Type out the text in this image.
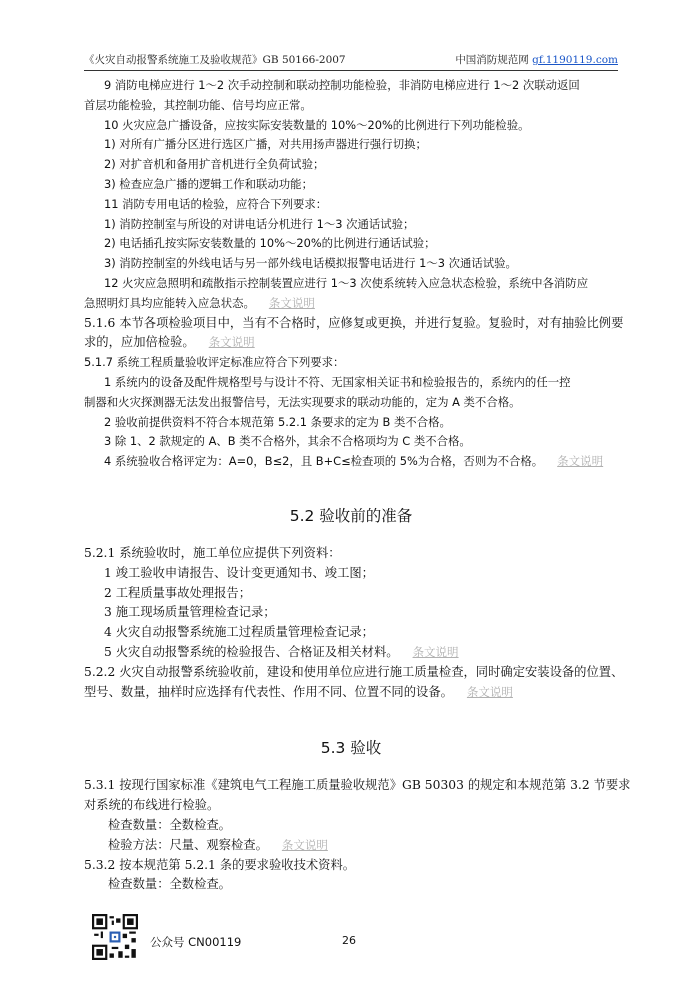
《火灾自动报警系统施工及验收规范》GB 50166-2007	中国消防规范网 gf.1190119.com
9 消防电梯应进行 1～2 次手动控制和联动控制功能检验，非消防电梯应进行 1～2 次联动返回
首层功能检验，其控制功能、信号均应正常。
10 火灾应急广播设备，应按实际安装数量的 10%～20%的比例进行下列功能检验。
1) 对所有广播分区进行选区广播，对共用扬声器进行强行切换；
2) 对扩音机和备用扩音机进行全负荷试验；
3) 检查应急广播的逻辑工作和联动功能；
11 消防专用电话的检验，应符合下列要求：
1) 消防控制室与所设的对讲电话分机进行 1～3 次通话试验；
2) 电话插孔按实际安装数量的 10%～20%的比例进行通话试验；
3) 消防控制室的外线电话与另一部外线电话模拟报警电话进行 1～3 次通话试验。
12 火灾应急照明和疏散指示控制装置应进行 1～3 次使系统转入应急状态检验，系统中各消防应
急照明灯具均应能转入应急状态。 条文说明
5.1.6 本节各项检验项目中，当有不合格时，应修复或更换，并进行复验。复验时，对有抽验比例要
求的，应加倍检验。 条文说明
5.1.7 系统工程质量验收评定标准应符合下列要求：
1 系统内的设备及配件规格型号与设计不符、无国家相关证书和检验报告的，系统内的任一控
制器和火灾探测器无法发出报警信号，无法实现要求的联动功能的，定为 A 类不合格。
2 验收前提供资料不符合本规范第 5.2.1 条要求的定为 B 类不合格。
3 除 1、2 款规定的 A、B 类不合格外，其余不合格项均为 C 类不合格。
4 系统验收合格评定为：A=0，B≤2，且 B+C≤检查项的 5%为合格，否则为不合格。 条文说明
5.2 验收前的准备
5.2.1 系统验收时，施工单位应提供下列资料：
1 竣工验收申请报告、设计变更通知书、竣工图；
2 工程质量事故处理报告；
3 施工现场质量管理检查记录；
4 火灾自动报警系统施工过程质量管理检查记录；
5 火灾自动报警系统的检验报告、合格证及相关材料。 条文说明
5.2.2 火灾自动报警系统验收前，建设和使用单位应进行施工质量检查，同时确定安装设备的位置、
型号、数量，抽样时应选择有代表性、作用不同、位置不同的设备。 条文说明
5.3 验收
5.3.1 按现行国家标准《建筑电气工程施工质量验收规范》GB 50303 的规定和本规范第 3.2 节要求
对系统的布线进行检验。
检查数量：全数检查。
检验方法：尺量、观察检查。 条文说明
5.3.2 按本规范第 5.2.1 条的要求验收技术资料。
检查数量：全数检查。
公众号 CN00119	26
